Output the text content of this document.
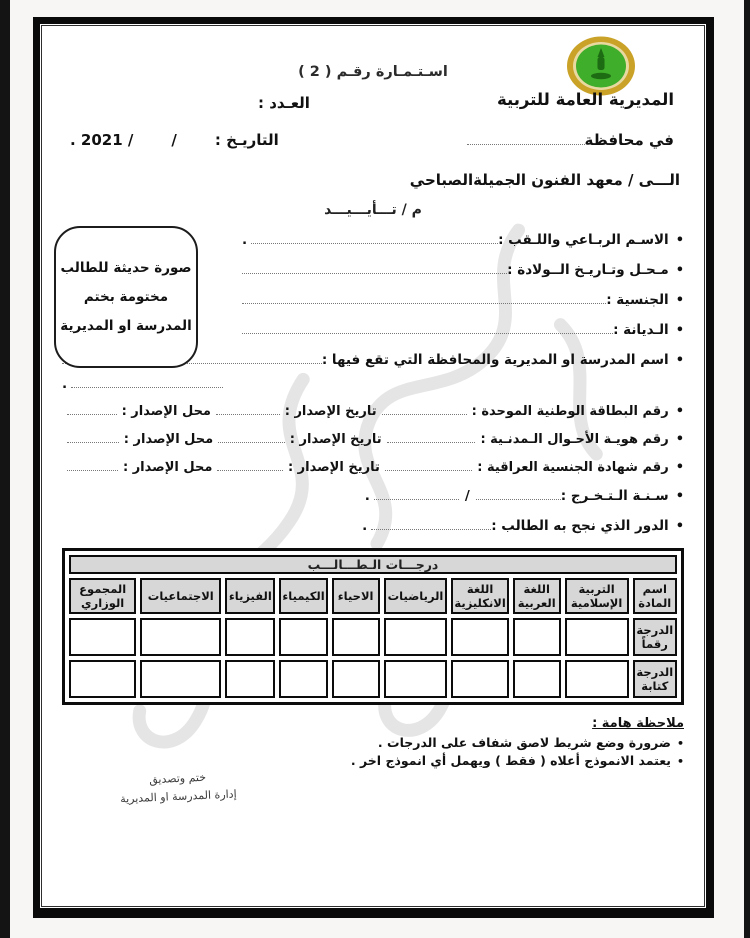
اسـتـمـارة رقـم ( 2 )
المديرية العامة للتربية
العـدد :
في محافظة
التاريـخ :
/
/ 2021 .
الـــى / معهد الفنون الجميلةالصباحي
م / تـــأيـــيـــد
صورة حديثة للطالب
مختومة بختم
المدرسة او المديرية
•
الاسـم الربـاعي واللـقب :
.
•
مـحـل وتـاريـخ الــولادة :
•
الجنسية :
•
الـديانة :
•
اسم المدرسة او المديرية والمحافظة التي تقع فيها :
.
•
رقم البطاقة الوطنية الموحدة :
تاريخ الإصدار :
محل الإصدار :
•
رقم هويـة الأحـوال الـمدنـية :
تاريخ الإصدار :
محل الإصدار :
•
رقم شهادة الجنسية العراقية :
تاريخ الإصدار :
محل الإصدار :
•
سـنـة الـتـخـرج :
/
.
•
الدور الذي نجح به الطالب :
.
درجـــات الـطـــالـــب
اسم المادة
التربية الإسلامية
اللغة العربية
اللغة الانكليزية
الرياضيات
الاحياء
الكيمياء
الفيزياء
الاجتماعيات
المجموع الوزاري
الدرجة رقماً
الدرجة كتابة
ملاحظة هامة :
•
ضرورة وضع شريط لاصق شفاف على الدرجات .
•
يعتمد الانموذج أعلاه ( فقط ) ويهمل أي انموذج اخر .
ختم وتصديق
إدارة المدرسة او المديرية
